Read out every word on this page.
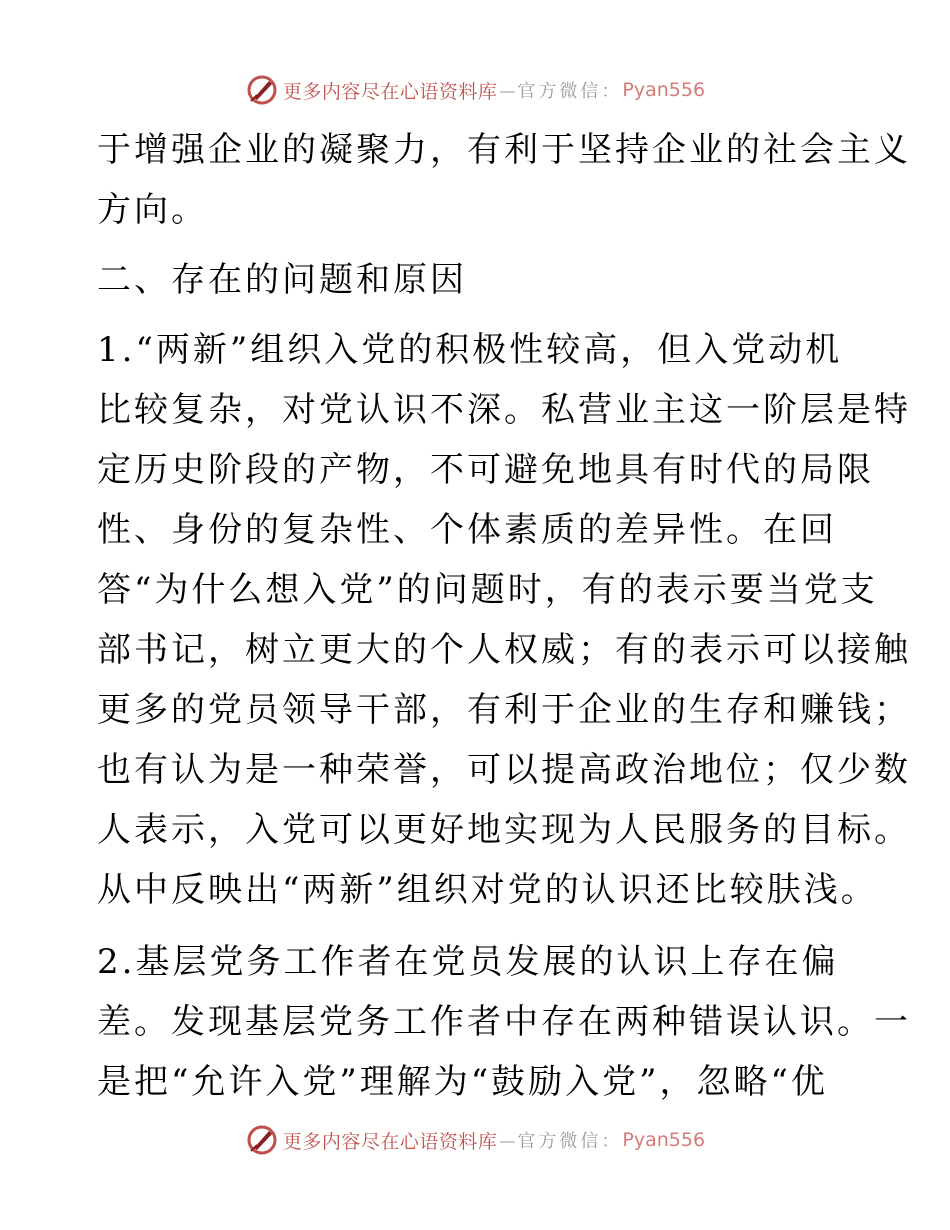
更多内容尽在心语资料库 — 官方微信： Pyan556
于增强企业的凝聚力，有利于坚持企业的社会主义
方向。
二、存在的问题和原因
1.“两新”组织入党的积极性较高，但入党动机
比较复杂，对党认识不深。私营业主这一阶层是特
定历史阶段的产物，不可避免地具有时代的局限
性、身份的复杂性、个体素质的差异性。在回
答“为什么想入党”的问题时，有的表示要当党支
部书记，树立更大的个人权威；有的表示可以接触
更多的党员领导干部，有利于企业的生存和赚钱；
也有认为是一种荣誉，可以提高政治地位；仅少数
人表示，入党可以更好地实现为人民服务的目标。
从中反映出“两新”组织对党的认识还比较肤浅。
2.基层党务工作者在党员发展的认识上存在偏
差。发现基层党务工作者中存在两种错误认识。一
是把“允许入党”理解为“鼓励入党”，忽略“优
更多内容尽在心语资料库 — 官方微信： Pyan556
